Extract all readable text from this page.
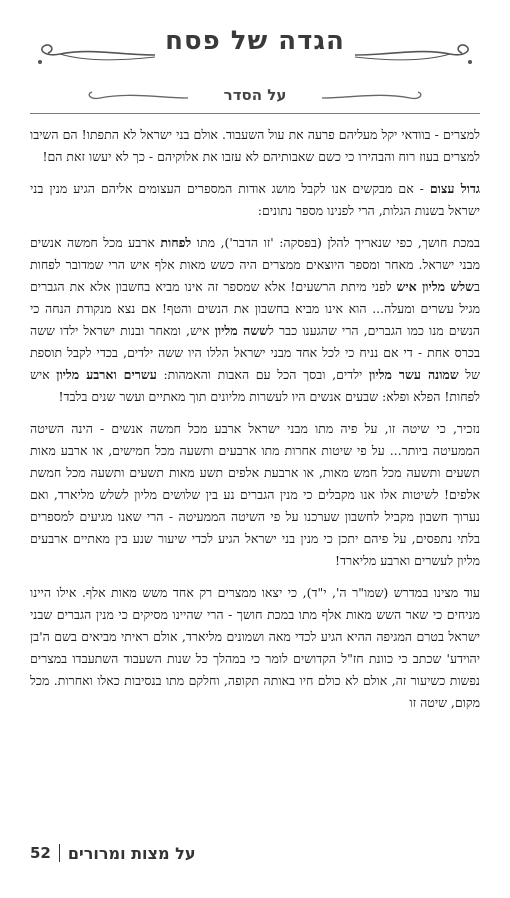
הגדה של פסח
על הסדר

למצרים - בוודאי יקל מעליהם פרעה את עול השעבוד. אולם בני ישראל לא התפתו! הם השיבו למצרים בעוז רוח והבהירו כי כשם שאבותיהם לא עזבו את אלוקיהם - כך לא יעשו זאת הם!

גדול עצום - אם מבקשים אנו לקבל מושג אודות המספרים העצומים אליהם הגיע מנין בני ישראל בשנות הגלות, הרי לפנינו מספר נתונים:

במכת חושך, כפי שנאריך להלן (בפסקה: 'זו הדבר'), מתו לפחות ארבע מכל חמשה אנשים מבני ישראל. מאחר ומספר היוצאים ממצרים היה כשש מאות אלף איש הרי שמדובר לפחות בשלש מליון איש לפני מיתת הרשעים! אלא שמספר זה אינו מביא בחשבון אלא את הגברים מגיל עשרים ומעלה... הוא אינו מביא בחשבון את הנשים והטף! אם נצא מנקודת הנחה כי הנשים מנו כמו הגברים, הרי שהגענו כבר לששה מליון איש, ומאחר ובנות ישראל ילדו ששה בכרס אחת - די אם נניח כי לכל אחד מבני ישראל הללו היו ששה ילדים, בכדי לקבל תוספת של שמונה עשר מליון ילדים, ובסך הכל עם האבות והאמהות: עשרים וארבע מליון איש לפחות! הפלא ופלא: שבעים אנשים היו לעשרות מליונים תוך מאתיים ועשר שנים בלבד!

נזכיר, כי שיטה זו, על פיה מתו מבני ישראל ארבע מכל חמשה אנשים - הינה השיטה הממעיטה ביותר... על פי שיטות אחרות מתו ארבעים ותשעה מכל חמישים, או ארבע מאות תשעים ותשעה מכל חמש מאות, או ארבעת אלפים תשע מאות תשעים ותשעה מכל חמשת אלפים! לשיטות אלו אנו מקבלים כי מנין הגברים נע בין שלושים מליון לשלש מליארד, ואם נערוך חשבון מקביל לחשבון שערכנו על פי השיטה הממעיטה - הרי שאנו מגיעים למספרים בלתי נתפסים, על פיהם יתכן כי מנין בני ישראל הגיע לכדי שיעור שנע בין מאתיים ארבעים מליון לעשרים וארבע מליארד!

עוד מצינו במדרש (שמו"ר ה', י"ד), כי יצאו ממצרים רק אחד משש מאות אלף. אילו היינו מניחים כי שאר השש מאות אלף מתו במכת חושך - הרי שהיינו מסיקים כי מנין הגברים שבני ישראל בטרם המגיפה ההיא הגיע לכדי מאה ושמונים מליארד, אולם ראיתי מביאים בשם ה'בן יהוידע' שכתב כי כוונת חז"ל הקדושים לומר כי במהלך כל שנות השעבוד השתעבדו במצרים נפשות כשיעור זה, אולם לא כולם חיו באותה תקופה, וחלקם מתו בנסיבות כאלו ואחרות. מכל מקום, שיטה זו

על מצות ומרורים
52
